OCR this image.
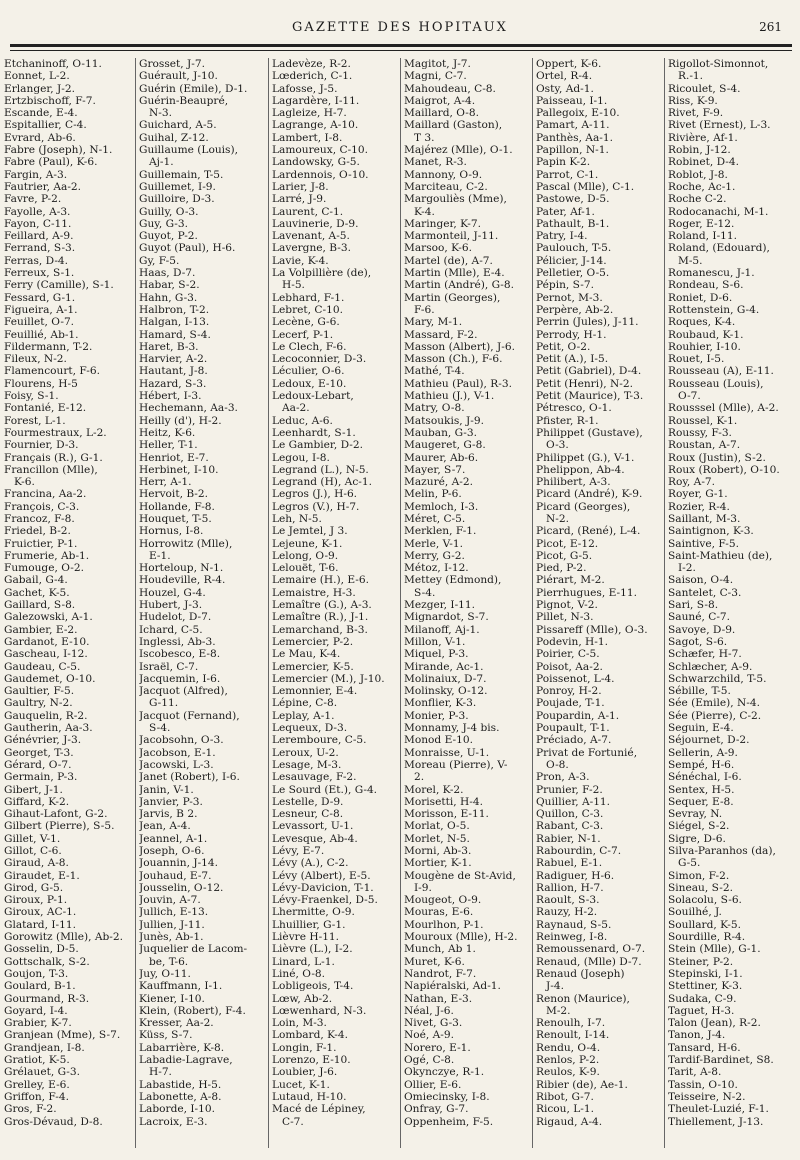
GAZETTE DES HOPITAUX	261
Etchaninoff, O-11.
Eonnet, L-2.
Erlanger, J-2.
Ertzbischoff, F-7.
Escande, E-4.
Espitallier, C-4.
Evrard, Ab-6.
Fabre (Joseph), N-1.
Fabre (Paul), K-6.
Fargin, A-3.
Fautrier, Aa-2.
Favre, P-2.
Fayolle, A-3.
Fayon, C-11.
Feillard, A-9.
Ferrand, S-3.
Ferras, D-4.
Ferreux, S-1.
Ferry (Camille), S-1.
Fessard, G-1.
Figueira, A-1.
Feuillet, O-7.
Feuillié, Ab-1.
Fildermann, T-2.
Fileux, N-2.
Flamencourt, F-6.
Flourens, H-5
Foisy, S-1.
Fontanié, E-12.
Forest, L-1.
Fourmestraux, L-2.
Fournier, D-3.
Français (R.), G-1.
Francillon (Mlle),
K-6.
Francina, Aa-2.
François, C-3.
Francoz, F-8.
Friedel, B-2.
Fruictier, P-1.
Frumerie, Ab-1.
Fumouge, O-2.
Gabail, G-4.
Gachet, K-5.
Gaillard, S-8.
Galezowski, A-1.
Gambier, E-2.
Gardanot, E-10.
Gascheau, I-12.
Gaudeau, C-5.
Gaudemet, O-10.
Gaultier, F-5.
Gaultry, N-2.
Gauquelin, R-2.
Gautherin, Aa-3.
Génévrier, J-3.
Georget, T-3.
Gérard, O-7.
Germain, P-3.
Gibert, J-1.
Giffard, K-2.
Gihaut-Lafont, G-2.
Gilbert (Pierre), S-5.
Gillet, V-1.
Gillot, C-6.
Giraud, A-8.
Giraudet, E-1.
Girod, G-5.
Giroux, P-1.
Giroux, AC-1.
Glatard, I-11.
Gorowitz (Mlle), Ab-2.
Gosselin, D-5.
Gottschalk, S-2.
Goujon, T-3.
Goulard, B-1.
Gourmand, R-3.
Goyard, I-4.
Grabier, K-7.
Granjean (Mme), S-7.
Grandjean, I-8.
Gratiot, K-5.
Grélauet, G-3.
Grelley, E-6.
Griffon, F-4.
Gros, F-2.
Gros-Dévaud, D-8.
Grosset, J-7.
Guérault, J-10.
Guérin (Emile), D-1.
Guérin-Beaupré,
N-3.
Guichard, A-5.
Guihal, Z-12.
Guillaume (Louis),
Aj-1.
Guillemain, T-5.
Guillemet, I-9.
Guilloire, D-3.
Guilly, O-3.
Guy, G-3.
Guyot, P-2.
Guyot (Paul), H-6.
Gy, F-5.
Haas, D-7.
Habar, S-2.
Hahn, G-3.
Halbron, T-2.
Halgan, I-13.
Hamard, S-4.
Haret, B-3.
Harvier, A-2.
Hautant, J-8.
Hazard, S-3.
Hébert, I-3.
Hechemann, Aa-3.
Heilly (d'), H-2.
Heitz, K-6.
Heller, T-1.
Henriot, E-7.
Herbinet, I-10.
Herr, A-1.
Hervoit, B-2.
Hollande, F-8.
Houquet, T-5.
Hornus, I-8.
Horrowitz (Mlle),
E-1.
Horteloup, N-1.
Houdeville, R-4.
Houzel, G-4.
Hubert, J-3.
Hudelot, D-7.
Ichard, C-5.
Inglessi, Ab-3.
Iscobesco, E-8.
Israël, C-7.
Jacquemin, I-6.
Jacquot (Alfred),
G-11.
Jacquot (Fernand),
S-4.
Jacobsohn, O-3.
Jacobson, E-1.
Jacowski, L-3.
Janet (Robert), I-6.
Janin, V-1.
Janvier, P-3.
Jarvis, B 2.
Jean, A-4.
Jeannel, A-1.
Joseph, O-6.
Jouannin, J-14.
Jouhaud, E-7.
Jousselin, O-12.
Jouvin, A-7.
Jullich, E-13.
Jullien, J-11.
Junès, Ab-1.
Juquelier de Lacom-
be, T-6.
Juy, O-11.
Kauffmann, I-1.
Kiener, I-10.
Klein, (Robert), F-4.
Kresser, Aa-2.
Küss, S-7.
Labarrière, K-8.
Labadie-Lagrave,
H-7.
Labastide, H-5.
Labonette, A-8.
Laborde, I-10.
Lacroix, E-3.
Ladevèze, R-2.
Lœderich, C-1.
Lafosse, J-5.
Lagardère, I-11.
Lagleize, H-7.
Lagrange, A-10.
Lambert, I-8.
Lamoureux, C-10.
Landowsky, G-5.
Lardennois, O-10.
Larier, J-8.
Larré, J-9.
Laurent, C-1.
Lauvinerie, D-9.
Lavenant, A-5.
Lavergne, B-3.
Lavie, K-4.
La Volpillière (de),
H-5.
Lebhard, F-1.
Lebret, C-10.
Lecène, G-6.
Lecerf, P-1.
Le Clech, F-6.
Lecoconnier, D-3.
Léculier, O-6.
Ledoux, E-10.
Ledoux-Lebart,
Aa-2.
Leduc, A-6.
Leenhardt, S-1.
Le Gambier, D-2.
Legou, I-8.
Legrand (L.), N-5.
Legrand (H), Ac-1.
Legros (J.), H-6.
Legros (V.), H-7.
Leh, N-5.
Le Jemtel, J 3.
Lejeune, K-1.
Lelong, O-9.
Lelouët, T-6.
Lemaire (H.), E-6.
Lemaistre, H-3.
Lemaître (G.), A-3.
Lemaître (R.), J-1.
Lemarchand, B-3.
Lemercier, P-2.
Le Mau, K-4.
Lemercier, K-5.
Lemercier (M.), J-10.
Lemonnier, E-4.
Lépine, C-8.
Leplay, A-1.
Lequeux, D-3.
Leremboure, C-5.
Leroux, U-2.
Lesage, M-3.
Lesauvage, F-2.
Le Sourd (Et.), G-4.
Lestelle, D-9.
Lesneur, C-8.
Levassort, U-1.
Levesque, Ab-4.
Lévy, E-7.
Lévy (A.), C-2.
Lévy (Albert), E-5.
Lévy-Davicion, T-1.
Lévy-Fraenkel, D-5.
Lhermitte, O-9.
Lhuillier, G-1.
Lièvre H-11.
Lièvre (L.), I-2.
Linard, L-1.
Liné, O-8.
Lobligeois, T-4.
Lœw, Ab-2.
Lœwenhard, N-3.
Loin, M-3.
Lombard, K-4.
Longin, F-1.
Lorenzo, E-10.
Loubier, J-6.
Lucet, K-1.
Lutaud, H-10.
Macé de Lépiney,
C-7.
Magitot, J-7.
Magni, C-7.
Mahoudeau, C-8.
Maigrot, A-4.
Maillard, O-8.
Maillard (Gaston),
T 3.
Majérez (Mlle), O-1.
Manet, R-3.
Mannony, O-9.
Marciteau, C-2.
Margouliès (Mme),
K-4.
Maringer, K-7.
Marmonteil, J-11.
Marsoo, K-6.
Martel (de), A-7.
Martin (Mlle), E-4.
Martin (André), G-8.
Martin (Georges),
F-6.
Mary, M-1.
Massard, F-2.
Masson (Albert), J-6.
Masson (Ch.), F-6.
Mathé, T-4.
Mathieu (Paul), R-3.
Mathieu (J.), V-1.
Matry, O-8.
Matsoukis, J-9.
Mauban, G-3.
Maugeret, G-8.
Maurer, Ab-6.
Mayer, S-7.
Mazuré, A-2.
Melin, P-6.
Memloch, I-3.
Méret, C-5.
Merklen, F-1.
Merle, V-1.
Merry, G-2.
Métoz, I-12.
Mettey (Edmond),
S-4.
Mezger, I-11.
Mignardot, S-7.
Milanoff, Aj-1.
Millon, V-1.
Miquel, P-3.
Mirande, Ac-1.
Molinaiux, D-7.
Molinsky, O-12.
Monflier, K-3.
Monier, P-3.
Monnamy, J-4 bis.
Monod E-10.
Monraisse, U-1.
Moreau (Pierre), V-
2.
Morel, K-2.
Morisetti, H-4.
Morisson, E-11.
Morlat, O-5.
Morlet, N-5.
Morni, Ab-3.
Mortier, K-1.
Mougène de St-Avid,
I-9.
Mougeot, O-9.
Mouras, E-6.
Mourlhon, P-1.
Mouroux (Mlle), H-2.
Munch, Ab 1.
Muret, K-6.
Nandrot, F-7.
Napiéralski, Ad-1.
Nathan, E-3.
Néal, J-6.
Nivet, G-3.
Noé, A-9.
Norero, E-1.
Ogé, C-8.
Okynczye, R-1.
Ollier, E-6.
Omiecinsky, I-8.
Onfray, G-7.
Oppenheim, F-5.
Oppert, K-6.
Ortel, R-4.
Osty, Ad-1.
Paisseau, I-1.
Pallegoix, E-10.
Pamart, A-11.
Panthès, Aa-1.
Papillon, N-1.
Papin K-2.
Parrot, C-1.
Pascal (Mlle), C-1.
Pastowe, D-5.
Pater, Af-1.
Pathault, B-1.
Patry, I-4.
Paulouch, T-5.
Pélicier, J-14.
Pelletier, O-5.
Pépin, S-7.
Pernot, M-3.
Perpère, Ab-2.
Perrin (Jules), J-11.
Perrody, H-1.
Petit, O-2.
Petit (A.), I-5.
Petit (Gabriel), D-4.
Petit (Henri), N-2.
Petit (Maurice), T-3.
Pétresco, O-1.
Pfister, R-1.
Philippet (Gustave),
O-3.
Philippet (G.), V-1.
Phelippon, Ab-4.
Philibert, A-3.
Picard (André), K-9.
Picard (Georges),
N-2.
Picard, (René), L-4.
Picot, E-12.
Picot, G-5.
Pied, P-2.
Piérart, M-2.
Pierrhugues, E-11.
Pignot, V-2.
Pillet, N-3.
Pissareff (Mlle), O-3.
Podevin, H-1.
Poirier, C-5.
Poisot, Aa-2.
Poissenot, L-4.
Ponroy, H-2.
Poujade, T-1.
Poupardin, A-1.
Poupault, T-1.
Préciado, A-7.
Privat de Fortunié,
O-8.
Pron, A-3.
Prunier, F-2.
Quillier, A-11.
Quillon, C-3.
Rabant, C-3.
Rabier, N-1.
Rabourdin, C-7.
Rabuel, E-1.
Radiguer, H-6.
Rallion, H-7.
Raoult, S-3.
Rauzy, H-2.
Raynaud, S-5.
Reinweg, I-8.
Remoussenard, O-7.
Renaud, (Mlle) D-7.
Renaud (Joseph)
J-4.
Renon (Maurice),
M-2.
Renoulh, I-7.
Renoult, I-14.
Rendu, O-4.
Renlos, P-2.
Reulos, K-9.
Ribier (de), Ae-1.
Ribot, G-7.
Ricou, L-1.
Rigaud, A-4.
Rigollot-Simonnot,
R.-1.
Ricoulet, S-4.
Riss, K-9.
Rivet, F-9.
Rivet (Ernest), L-3.
Rivière, Af-1.
Robin, J-12.
Robinet, D-4.
Roblot, J-8.
Roche, Ac-1.
Roche C-2.
Rodocanachi, M-1.
Roger, E-12.
Roland, I-11.
Roland, (Edouard),
M-5.
Romanescu, J-1.
Rondeau, S-6.
Roniet, D-6.
Rottenstein, G-4.
Roques, K-4.
Roubaud, K-1.
Rouhier, I-10.
Rouet, I-5.
Rousseau (A), E-11.
Rousseau (Louis),
O-7.
Rousssel (Mlle), A-2.
Roussel, K-1.
Roussy, F-3.
Roustan, A-7.
Roux (Justin), S-2.
Roux (Robert), O-10.
Roy, A-7.
Royer, G-1.
Rozier, R-4.
Saillant, M-3.
Saintignon, K-3.
Saintive, F-5.
Saint-Mathieu (de),
I-2.
Saison, O-4.
Santelet, C-3.
Sari, S-8.
Sauné, C-7.
Savoye, D-9.
Sagot, S-6.
Schæfer, H-7.
Schlæcher, A-9.
Schwarzchild, T-5.
Sébille, T-5.
Sée (Emile), N-4.
Sée (Pierre), C-2.
Seguin, E-4.
Séjournet, D-2.
Sellerin, A-9.
Sempé, H-6.
Sénéchal, I-6.
Sentex, H-5.
Sequer, E-8.
Sevray, N.
Siégel, S-2.
Sigre, D-6.
Silva-Paranhos (da),
G-5.
Simon, F-2.
Sineau, S-2.
Solacolu, S-6.
Souilhé, J.
Soullard, K-5.
Sourdille, R-4.
Stein (Mlle), G-1.
Steiner, P-2.
Stepinski, I-1.
Stettiner, K-3.
Sudaka, C-9.
Taguet, H-3.
Talon (Jean), R-2.
Tanon, J-4.
Tansard, H-6.
Tardif-Bardinet, S8.
Tarit, A-8.
Tassin, O-10.
Teisseire, N-2.
Theulet-Luzié, F-1.
Thiellement, J-13.
